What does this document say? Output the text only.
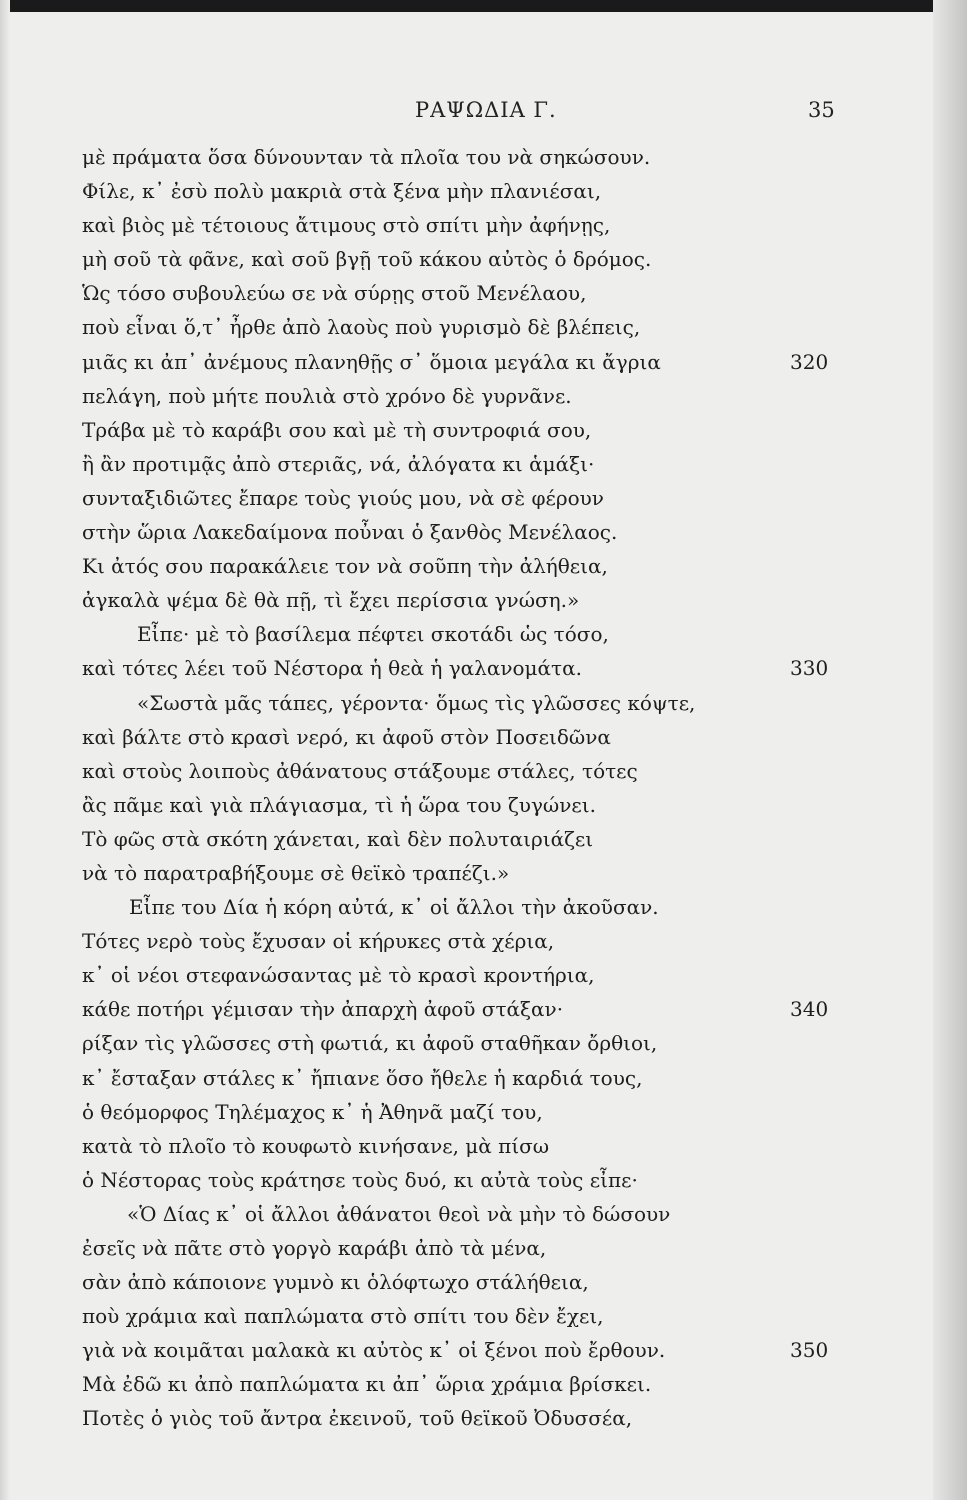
ΡΑΨΩΔΙΑ Γ.	35
μὲ πράματα ὅσα δύνουνταν τὰ πλοῖα του νὰ σηκώσουν.
Φίλε, κ᾽ ἐσὺ πολὺ μακριὰ στὰ ξένα μὴν πλανιέσαι,
καὶ βιὸς μὲ τέτοιους ἄτιμους στὸ σπίτι μὴν ἀφήνῃς,
μὴ σοῦ τὰ φᾶνε, καὶ σοῦ βγῇ τοῦ κάκου αὐτὸς ὁ δρόμος.
Ὡς τόσο συβουλεύω σε νὰ σύρῃς στοῦ Μενέλαου,
ποὺ εἶναι ὅ,τ᾽ ἦρθε ἀπὸ λαοὺς ποὺ γυρισμὸ δὲ βλέπεις,
μιᾶς κι ἀπ᾽ ἀνέμους πλανηθῇς σ᾽ ὅμοια μεγάλα κι ἄγρια	320
πελάγη, ποὺ μήτε πουλιὰ στὸ χρόνο δὲ γυρνᾶνε.
Τράβα μὲ τὸ καράβι σου καὶ μὲ τὴ συντροφιά σου,
ἢ ἂν προτιμᾷς ἀπὸ στεριᾶς, νά, ἀλόγατα κι ἁμάξι·
συνταξιδιῶτες ἔπαρε τοὺς γιούς μου, νὰ σὲ φέρουν
στὴν ὥρια Λακεδαίμονα ποὖναι ὁ ξανθὸς Μενέλαος.
Κι ἀτός σου παρακάλειε τον νὰ σοῦπη τὴν ἀλήθεια,
ἀγκαλὰ ψέμα δὲ θὰ πῇ, τὶ ἔχει περίσσια γνώση.»
Εἶπε· μὲ τὸ βασίλεμα πέφτει σκοτάδι ὡς τόσο,
καὶ τότες λέει τοῦ Νέστορα ἡ θεὰ ἡ γαλανομάτα.	330
«Σωστὰ μᾶς τάπες, γέροντα· ὅμως τὶς γλῶσσες κόψτε,
καὶ βάλτε στὸ κρασὶ νερό, κι ἀφοῦ στὸν Ποσειδῶνα
καὶ στοὺς λοιποὺς ἀθάνατους στάξουμε στάλες, τότες
ἂς πᾶμε καὶ γιὰ πλάγιασμα, τὶ ἡ ὥρα του ζυγώνει.
Τὸ φῶς στὰ σκότη χάνεται, καὶ δὲν πολυταιριάζει
νὰ τὸ παρατραβήξουμε σὲ θεϊκὸ τραπέζι.»
Εἶπε του Δία ἡ κόρη αὐτά, κ᾽ οἱ ἄλλοι τὴν ἀκοῦσαν.
Τότες νερὸ τοὺς ἔχυσαν οἱ κήρυκες στὰ χέρια,
κ᾽ οἱ νέοι στεφανώσαντας μὲ τὸ κρασὶ κροντήρια,
κάθε ποτήρι γέμισαν τὴν ἀπαρχὴ ἀφοῦ στάξαν·	340
ρίξαν τὶς γλῶσσες στὴ φωτιά, κι ἀφοῦ σταθῆκαν ὄρθιοι,
κ᾽ ἔσταξαν στάλες κ᾽ ἤπιανε ὅσο ἤθελε ἡ καρδιά τους,
ὁ θεόμορφος Τηλέμαχος κ᾽ ἡ Ἀθηνᾶ μαζί του,
κατὰ τὸ πλοῖο τὸ κουφωτὸ κινήσανε, μὰ πίσω
ὁ Νέστορας τοὺς κράτησε τοὺς δυό, κι αὐτὰ τοὺς εἶπε·
«Ὁ Δίας κ᾽ οἱ ἄλλοι ἀθάνατοι θεοὶ νὰ μὴν τὸ δώσουν
ἐσεῖς νὰ πᾶτε στὸ γοργὸ καράβι ἀπὸ τὰ μένα,
σὰν ἀπὸ κάποιονε γυμνὸ κι ὁλόφτωχο στάλήθεια,
ποὺ χράμια καὶ παπλώματα στὸ σπίτι του δὲν ἔχει,
γιὰ νὰ κοιμᾶται μαλακὰ κι αὐτὸς κ᾽ οἱ ξένοι ποὺ ἔρθουν.	350
Μὰ ἐδῶ κι ἀπὸ παπλώματα κι ἀπ᾽ ὥρια χράμια βρίσκει.
Ποτὲς ὁ γιὸς τοῦ ἄντρα ἐκεινοῦ, τοῦ θεϊκοῦ Ὀδυσσέα,
